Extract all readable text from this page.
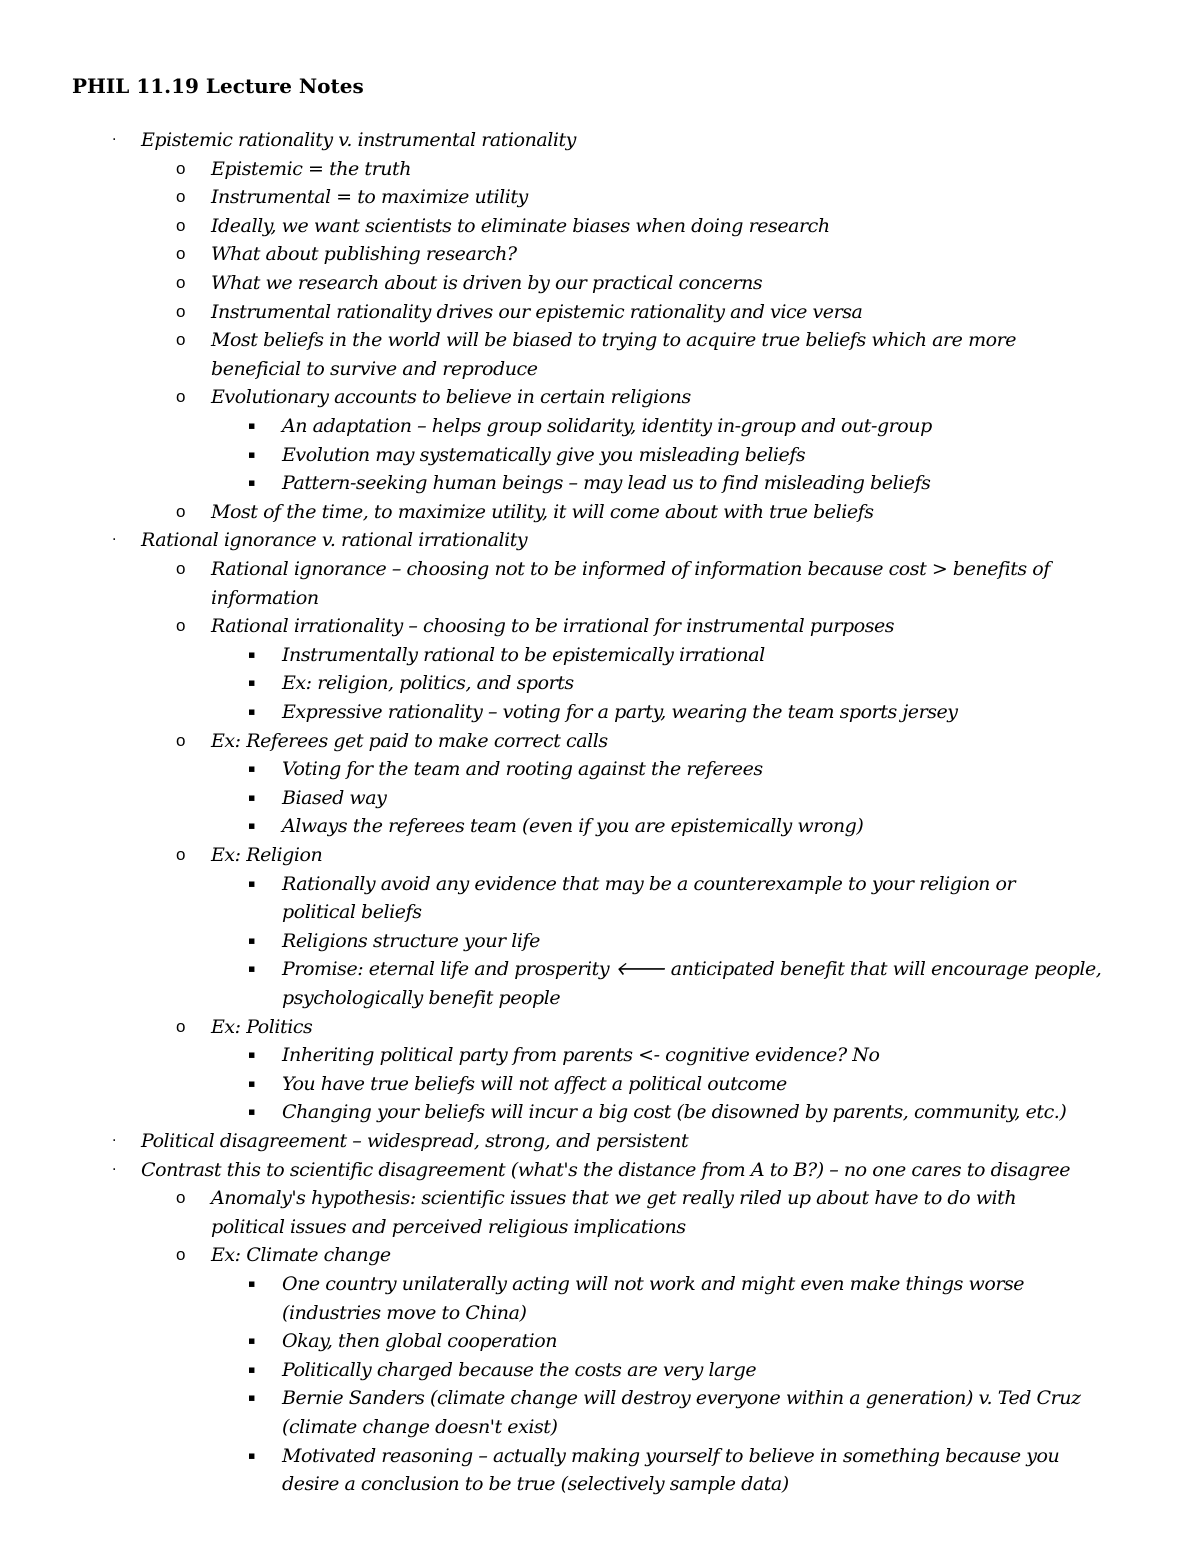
PHIL 11.19 Lecture Notes
· Epistemic rationality v. instrumental rationality
o Epistemic = the truth
o Instrumental = to maximize utility
o Ideally, we want scientists to eliminate biases when doing research
o What about publishing research?
o What we research about is driven by our practical concerns
o Instrumental rationality drives our epistemic rationality and vice versa
o Most beliefs in the world will be biased to trying to acquire true beliefs which are more
beneficial to survive and reproduce
o Evolutionary accounts to believe in certain religions
▪ An adaptation – helps group solidarity, identity in-group and out-group
▪ Evolution may systematically give you misleading beliefs
▪ Pattern-seeking human beings – may lead us to find misleading beliefs
o Most of the time, to maximize utility, it will come about with true beliefs
· Rational ignorance v. rational irrationality
o Rational ignorance – choosing not to be informed of information because cost > benefits of
information
o Rational irrationality – choosing to be irrational for instrumental purposes
▪ Instrumentally rational to be epistemically irrational
▪ Ex: religion, politics, and sports
▪ Expressive rationality – voting for a party, wearing the team sports jersey
o Ex: Referees get paid to make correct calls
▪ Voting for the team and rooting against the referees
▪ Biased way
▪ Always the referees team (even if you are epistemically wrong)
o Ex: Religion
▪ Rationally avoid any evidence that may be a counterexample to your religion or
political beliefs
▪ Religions structure your life
▪ Promise: eternal life and prosperity 🡐 anticipated benefit that will encourage people,
psychologically benefit people
o Ex: Politics
▪ Inheriting political party from parents <- cognitive evidence? No
▪ You have true beliefs will not affect a political outcome
▪ Changing your beliefs will incur a big cost (be disowned by parents, community, etc.)
· Political disagreement – widespread, strong, and persistent
· Contrast this to scientific disagreement (what's the distance from A to B?) – no one cares to disagree
o Anomaly's hypothesis: scientific issues that we get really riled up about have to do with
political issues and perceived religious implications
o Ex: Climate change
▪ One country unilaterally acting will not work and might even make things worse
(industries move to China)
▪ Okay, then global cooperation
▪ Politically charged because the costs are very large
▪ Bernie Sanders (climate change will destroy everyone within a generation) v. Ted Cruz
(climate change doesn't exist)
▪ Motivated reasoning – actually making yourself to believe in something because you
desire a conclusion to be true (selectively sample data)
